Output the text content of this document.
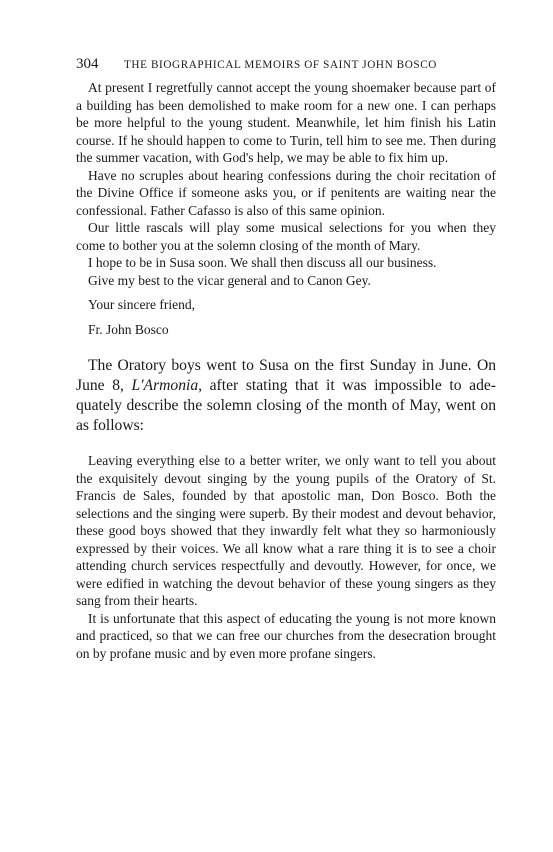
304	THE BIOGRAPHICAL MEMOIRS OF SAINT JOHN BOSCO

At present I regretfully cannot accept the young shoemaker because part of a building has been demolished to make room for a new one. I can perhaps be more helpful to the young student. Meanwhile, let him finish his Latin course. If he should happen to come to Turin, tell him to see me. Then during the summer vacation, with God's help, we may be able to fix him up.

Have no scruples about hearing confessions during the choir recitation of the Divine Office if someone asks you, or if penitents are waiting near the confessional. Father Cafasso is also of this same opinion.

Our little rascals will play some musical selections for you when they come to bother you at the solemn closing of the month of Mary.

I hope to be in Susa soon. We shall then discuss all our business.

Give my best to the vicar general and to Canon Gey.

Your sincere friend,

Fr. John Bosco

The Oratory boys went to Susa on the first Sunday in June. On June 8, L'Armonia, after stating that it was impossible to adequately describe the solemn closing of the month of May, went on as follows:

Leaving everything else to a better writer, we only want to tell you about the exquisitely devout singing by the young pupils of the Oratory of St. Francis de Sales, founded by that apostolic man, Don Bosco. Both the selections and the singing were superb. By their modest and devout behavior, these good boys showed that they inwardly felt what they so harmoniously expressed by their voices. We all know what a rare thing it is to see a choir attending church services respectfully and devoutly. However, for once, we were edified in watching the devout behavior of these young singers as they sang from their hearts.

It is unfortunate that this aspect of educating the young is not more known and practiced, so that we can free our churches from the desecration brought on by profane music and by even more profane singers.
